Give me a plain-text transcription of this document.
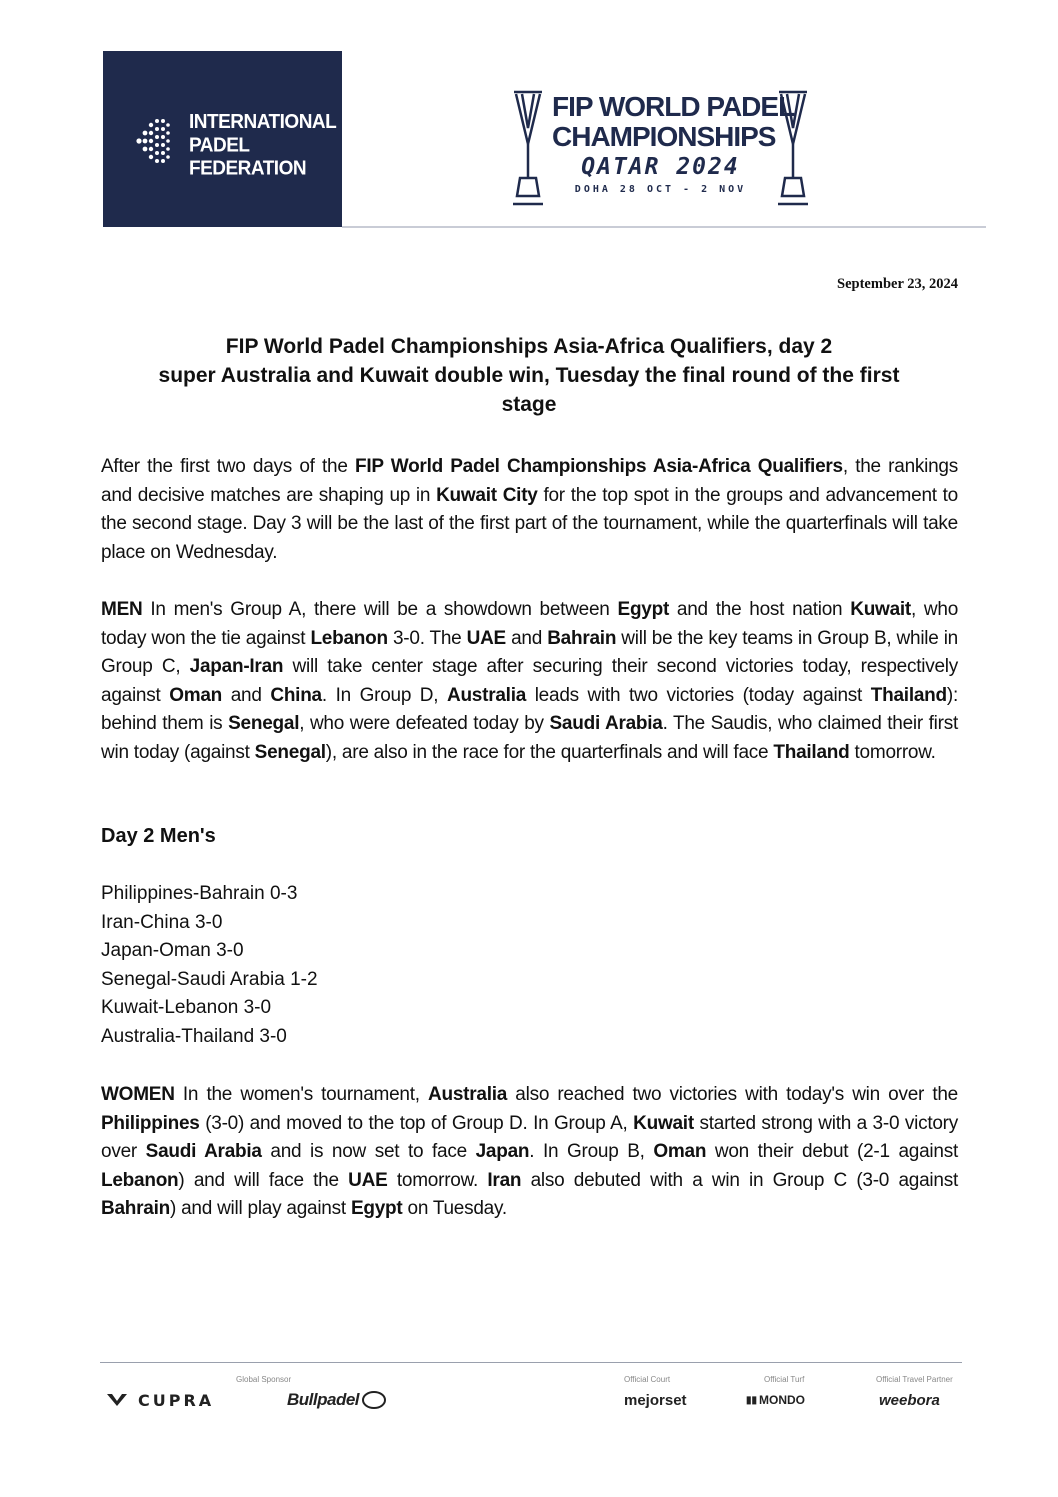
INTERNATIONAL
PADEL
FEDERATION
FIP WORLD PADEL
CHAMPIONSHIPS
QATAR 2024
DOHA 28 OCT - 2 NOV
September 23, 2024
FIP World Padel Championships Asia-Africa Qualifiers, day 2
super Australia and Kuwait double win, Tuesday the final round of the first
stage

After the first two days of the FIP World Padel Championships Asia-Africa Qualifiers, the rankings and decisive matches are shaping up in Kuwait City for the top spot in the groups and advancement to the second stage. Day 3 will be the last of the first part of the tournament, while the quarterfinals will take place on Wednesday.

MEN In men's Group A, there will be a showdown between Egypt and the host nation Kuwait, who today won the tie against Lebanon 3-0. The UAE and Bahrain will be the key teams in Group B, while in Group C, Japan-Iran will take center stage after securing their second victories today, respectively against Oman and China. In Group D, Australia leads with two victories (today against Thailand): behind them is Senegal, who were defeated today by Saudi Arabia. The Saudis, who claimed their first win today (against Senegal), are also in the race for the quarterfinals and will face Thailand tomorrow.

Day 2 Men's
Philippines-Bahrain 0-3
Iran-China 3-0
Japan-Oman 3-0
Senegal-Saudi Arabia 1-2
Kuwait-Lebanon 3-0
Australia-Thailand 3-0

WOMEN In the women's tournament, Australia also reached two victories with today's win over the Philippines (3-0) and moved to the top of Group D. In Group A, Kuwait started strong with a 3-0 victory over Saudi Arabia and is now set to face Japan. In Group B, Oman won their debut (2-1 against Lebanon) and will face the UAE tomorrow. Iran also debuted with a win in Group C (3-0 against Bahrain) and will play against Egypt on Tuesday.

Global Sponsor	Official Court	Official Turf	Official Travel Partner
CUPRA	Bullpadel	mejorset	▮▮ MONDO	weebora
